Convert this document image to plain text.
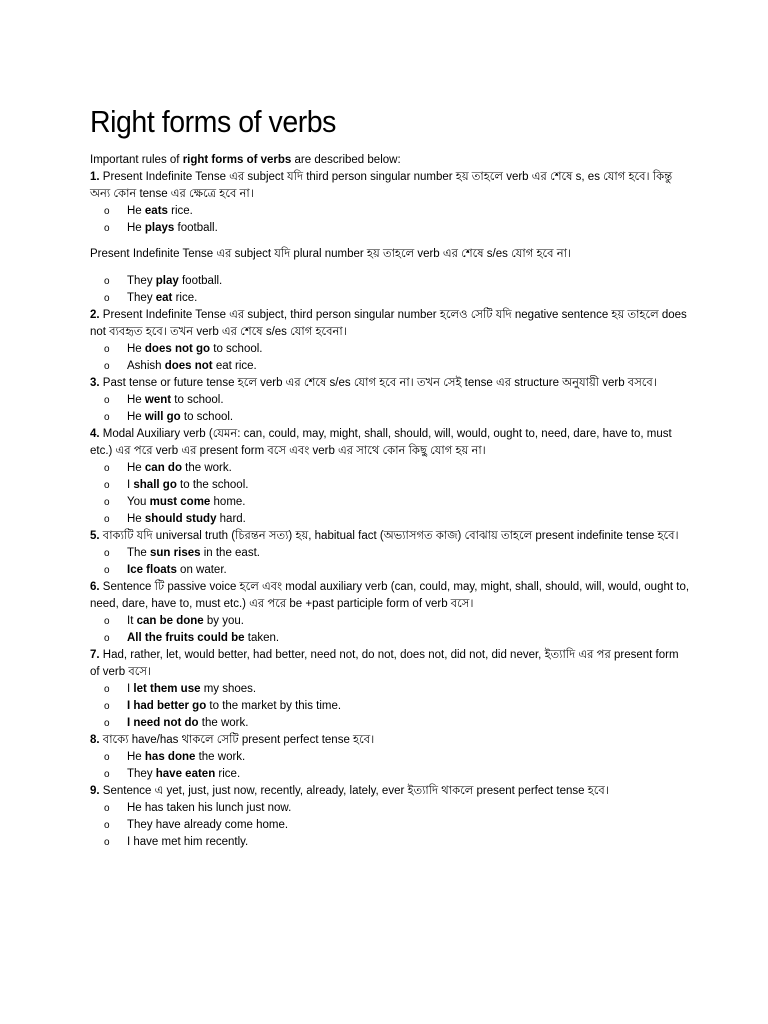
Right forms of verbs

Important rules of right forms of verbs are described below:

1. Present Indefinite Tense এর subject যদি third person singular number হয় তাহলে verb এর শেষে s, es যোগ হবে। কিন্তু অন্য কোন tense এর ক্ষেত্রে হবে না।

o He eats rice.
o He plays football.

Present Indefinite Tense এর subject যদি plural number হয় তাহলে verb এর শেষে s/es যোগ হবে না।

o They play football.
o They eat rice.

2. Present Indefinite Tense এর subject, third person singular number হলেও সেটি যদি negative sentence হয় তাহলে does not ব্যবহৃত হবে। তখন verb এর শেষে s/es যোগ হবেনা।

o He does not go to school.
o Ashish does not eat rice.

3. Past tense or future tense হলে verb এর শেষে s/es যোগ হবে না। তখন সেই tense এর structure অনুযায়ী verb বসবে।

o He went to school.
o He will go to school.

4. Modal Auxiliary verb (যেমন: can, could, may, might, shall, should, will, would, ought to, need, dare, have to, must etc.) এর পরে verb এর present form বসে এবং verb এর সাথে কোন কিছু যোগ হয় না।

o He can do the work.
o I shall go to the school.
o You must come home.
o He should study hard.

5. বাক্যটি যদি universal truth (চিরন্তন সত্য) হয়, habitual fact (অভ্যাসগত কাজ) বোঝায় তাহলে present indefinite tense হবে।

o The sun rises in the east.
o Ice floats on water.

6. Sentence টি passive voice হলে এবং modal auxiliary verb (can, could, may, might, shall, should, will, would, ought to, need, dare, have to, must etc.) এর পরে be +past participle form of verb বসে।

o It can be done by you.
o All the fruits could be taken.

7. Had, rather, let, would better, had better, need not, do not, does not, did not, did never, ইত্যাদি এর পর present form of verb বসে।

o I let them use my shoes.
o I had better go to the market by this time.
o I need not do the work.

8. বাক্যে have/has থাকলে সেটি present perfect tense হবে।

o He has done the work.
o They have eaten rice.

9. Sentence এ yet, just, just now, recently, already, lately, ever ইত্যাদি থাকলে present perfect tense হবে।

o He has taken his lunch just now.
o They have already come home.
o I have met him recently.
